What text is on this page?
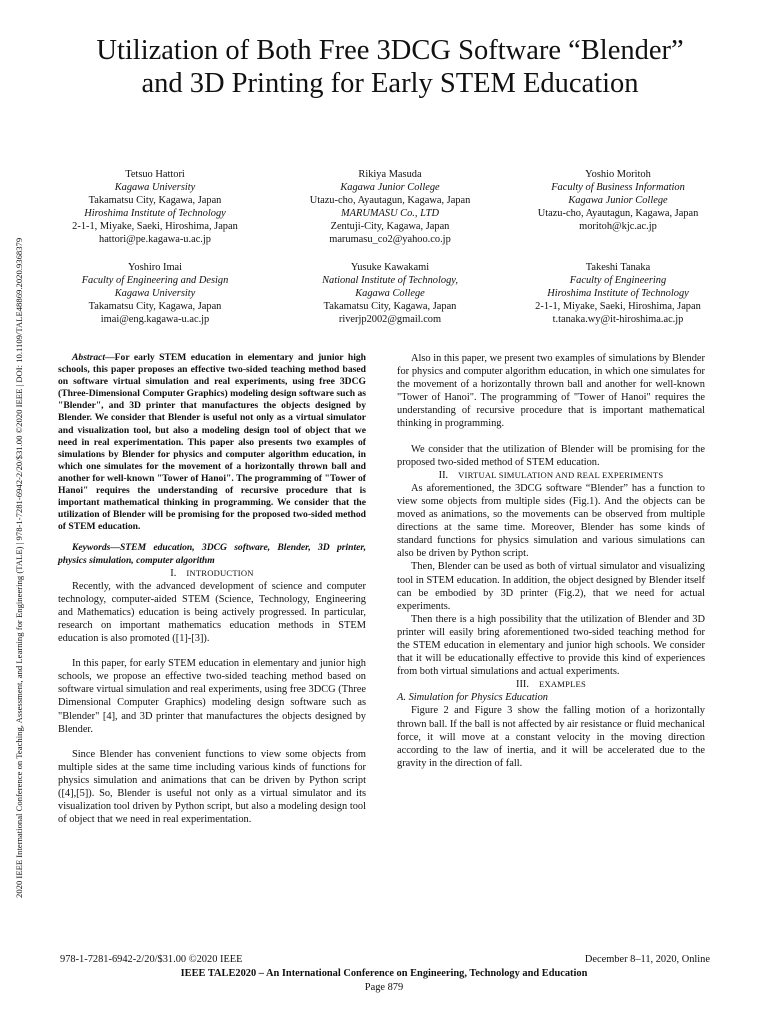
2020 IEEE International Conference on Teaching, Assessment, and Learning for Engineering (TALE) | 978-1-7281-6942-2/20/$31.00 ©2020 IEEE | DOI: 10.1109/TALE48869.2020.9368379
Utilization of Both Free 3DCG Software “Blender”
and 3D Printing for Early STEM Education
Tetsuo Hattori
Kagawa University
Takamatsu City, Kagawa, Japan
Hiroshima Institute of Technology
2-1-1, Miyake, Saeki, Hiroshima, Japan
hattori@pe.kagawa-u.ac.jp
Rikiya Masuda
Kagawa Junior College
Utazu-cho, Ayautagun, Kagawa, Japan
MARUMASU Co., LTD
Zentuji-City, Kagawa, Japan
marumasu_co2@yahoo.co.jp
Yoshio Moritoh
Faculty of Business Information
Kagawa Junior College
Utazu-cho, Ayautagun, Kagawa, Japan
moritoh@kjc.ac.jp
Yoshiro Imai
Faculty of Engineering and Design
Kagawa University
Takamatsu City, Kagawa, Japan
imai@eng.kagawa-u.ac.jp
Yusuke Kawakami
National Institute of Technology,
Kagawa College
Takamatsu City, Kagawa, Japan
riverjp2002@gmail.com
Takeshi Tanaka
Faculty of Engineering
Hiroshima Institute of Technology
2-1-1, Miyake, Saeki, Hiroshima, Japan
t.tanaka.wy@it-hiroshima.ac.jp

Abstract—For early STEM education in elementary and junior high schools, this paper proposes an effective two-sided teaching method based on software virtual simulation and real experiments, using free 3DCG (Three-Dimensional Computer Graphics) modeling design software such as "Blender", and 3D printer that manufactures the objects designed by Blender. We consider that Blender is useful not only as a virtual simulator and visualization tool, but also a modeling design tool of object that we need in real experimentation. This paper also presents two examples of simulations by Blender for physics and computer algorithm education, in which one simulates for the movement of a horizontally thrown ball and another for well-known "Tower of Hanoi". The programming of "Tower of Hanoi" requires the understanding of recursive procedure that is important mathematical thinking in programming. We consider that the utilization of Blender will be promising for the proposed two-sided method of STEM education.

Keywords—STEM education, 3DCG software, Blender, 3D printer, physics simulation, computer algorithm

I. INTRODUCTION

Recently, with the advanced development of science and computer technology, computer-aided STEM (Science, Technology, Engineering and Mathematics) education is being actively progressed. In particular, research on important mathematics education methods in STEM education is also promoted ([1]-[3]).

In this paper, for early STEM education in elementary and junior high schools, we propose an effective two-sided teaching method based on software virtual simulation and real experiments, using free 3DCG (Three Dimensional Computer Graphics) modeling design software such as "Blender" [4], and 3D printer that manufactures the objects designed by Blender.

Since Blender has convenient functions to view some objects from multiple sides at the same time including various kinds of functions for physics simulation and animations that can be driven by Python script ([4],[5]). So, Blender is useful not only as a virtual simulator and its visualization tool driven by Python script, but also a modeling design tool of object that we need in real experimentation.

Also in this paper, we present two examples of simulations by Blender for physics and computer algorithm education, in which one simulates for the movement of a horizontally thrown ball and another for well-known "Tower of Hanoi". The programming of "Tower of Hanoi" requires the understanding of recursive procedure that is important mathematical thinking in programming.

We consider that the utilization of Blender will be promising for the proposed two-sided method of STEM education.

II. VIRTUAL SIMULATION AND REAL EXPERIMENTS

As aforementioned, the 3DCG software “Blender” has a function to view some objects from multiple sides (Fig.1). And the objects can be moved as animations, so the movements can be observed from multiple directions at the same time. Moreover, Blender has some kinds of standard functions for physics simulation and various simulations can also be driven by Python script.

Then, Blender can be used as both of virtual simulator and visualizing tool in STEM education. In addition, the object designed by Blender itself can be embodied by 3D printer (Fig.2), that we need for actual experiments.

Then there is a high possibility that the utilization of Blender and 3D printer will easily bring aforementioned two-sided teaching method for the STEM education in elementary and junior high schools. We consider that it will be educationally effective to provide this kind of experiences from both virtual simulations and actual experiments.

III. EXAMPLES

A. Simulation for Physics Education

Figure 2 and Figure 3 show the falling motion of a horizontally thrown ball. If the ball is not affected by air resistance or fluid mechanical force, it will move at a constant velocity in the moving direction according to the law of inertia, and it will be accelerated due to the gravity in the direction of fall.

978-1-7281-6942-2/20/$31.00 ©2020 IEEE	December 8–11, 2020, Online
IEEE TALE2020 – An International Conference on Engineering, Technology and Education
Page 879
